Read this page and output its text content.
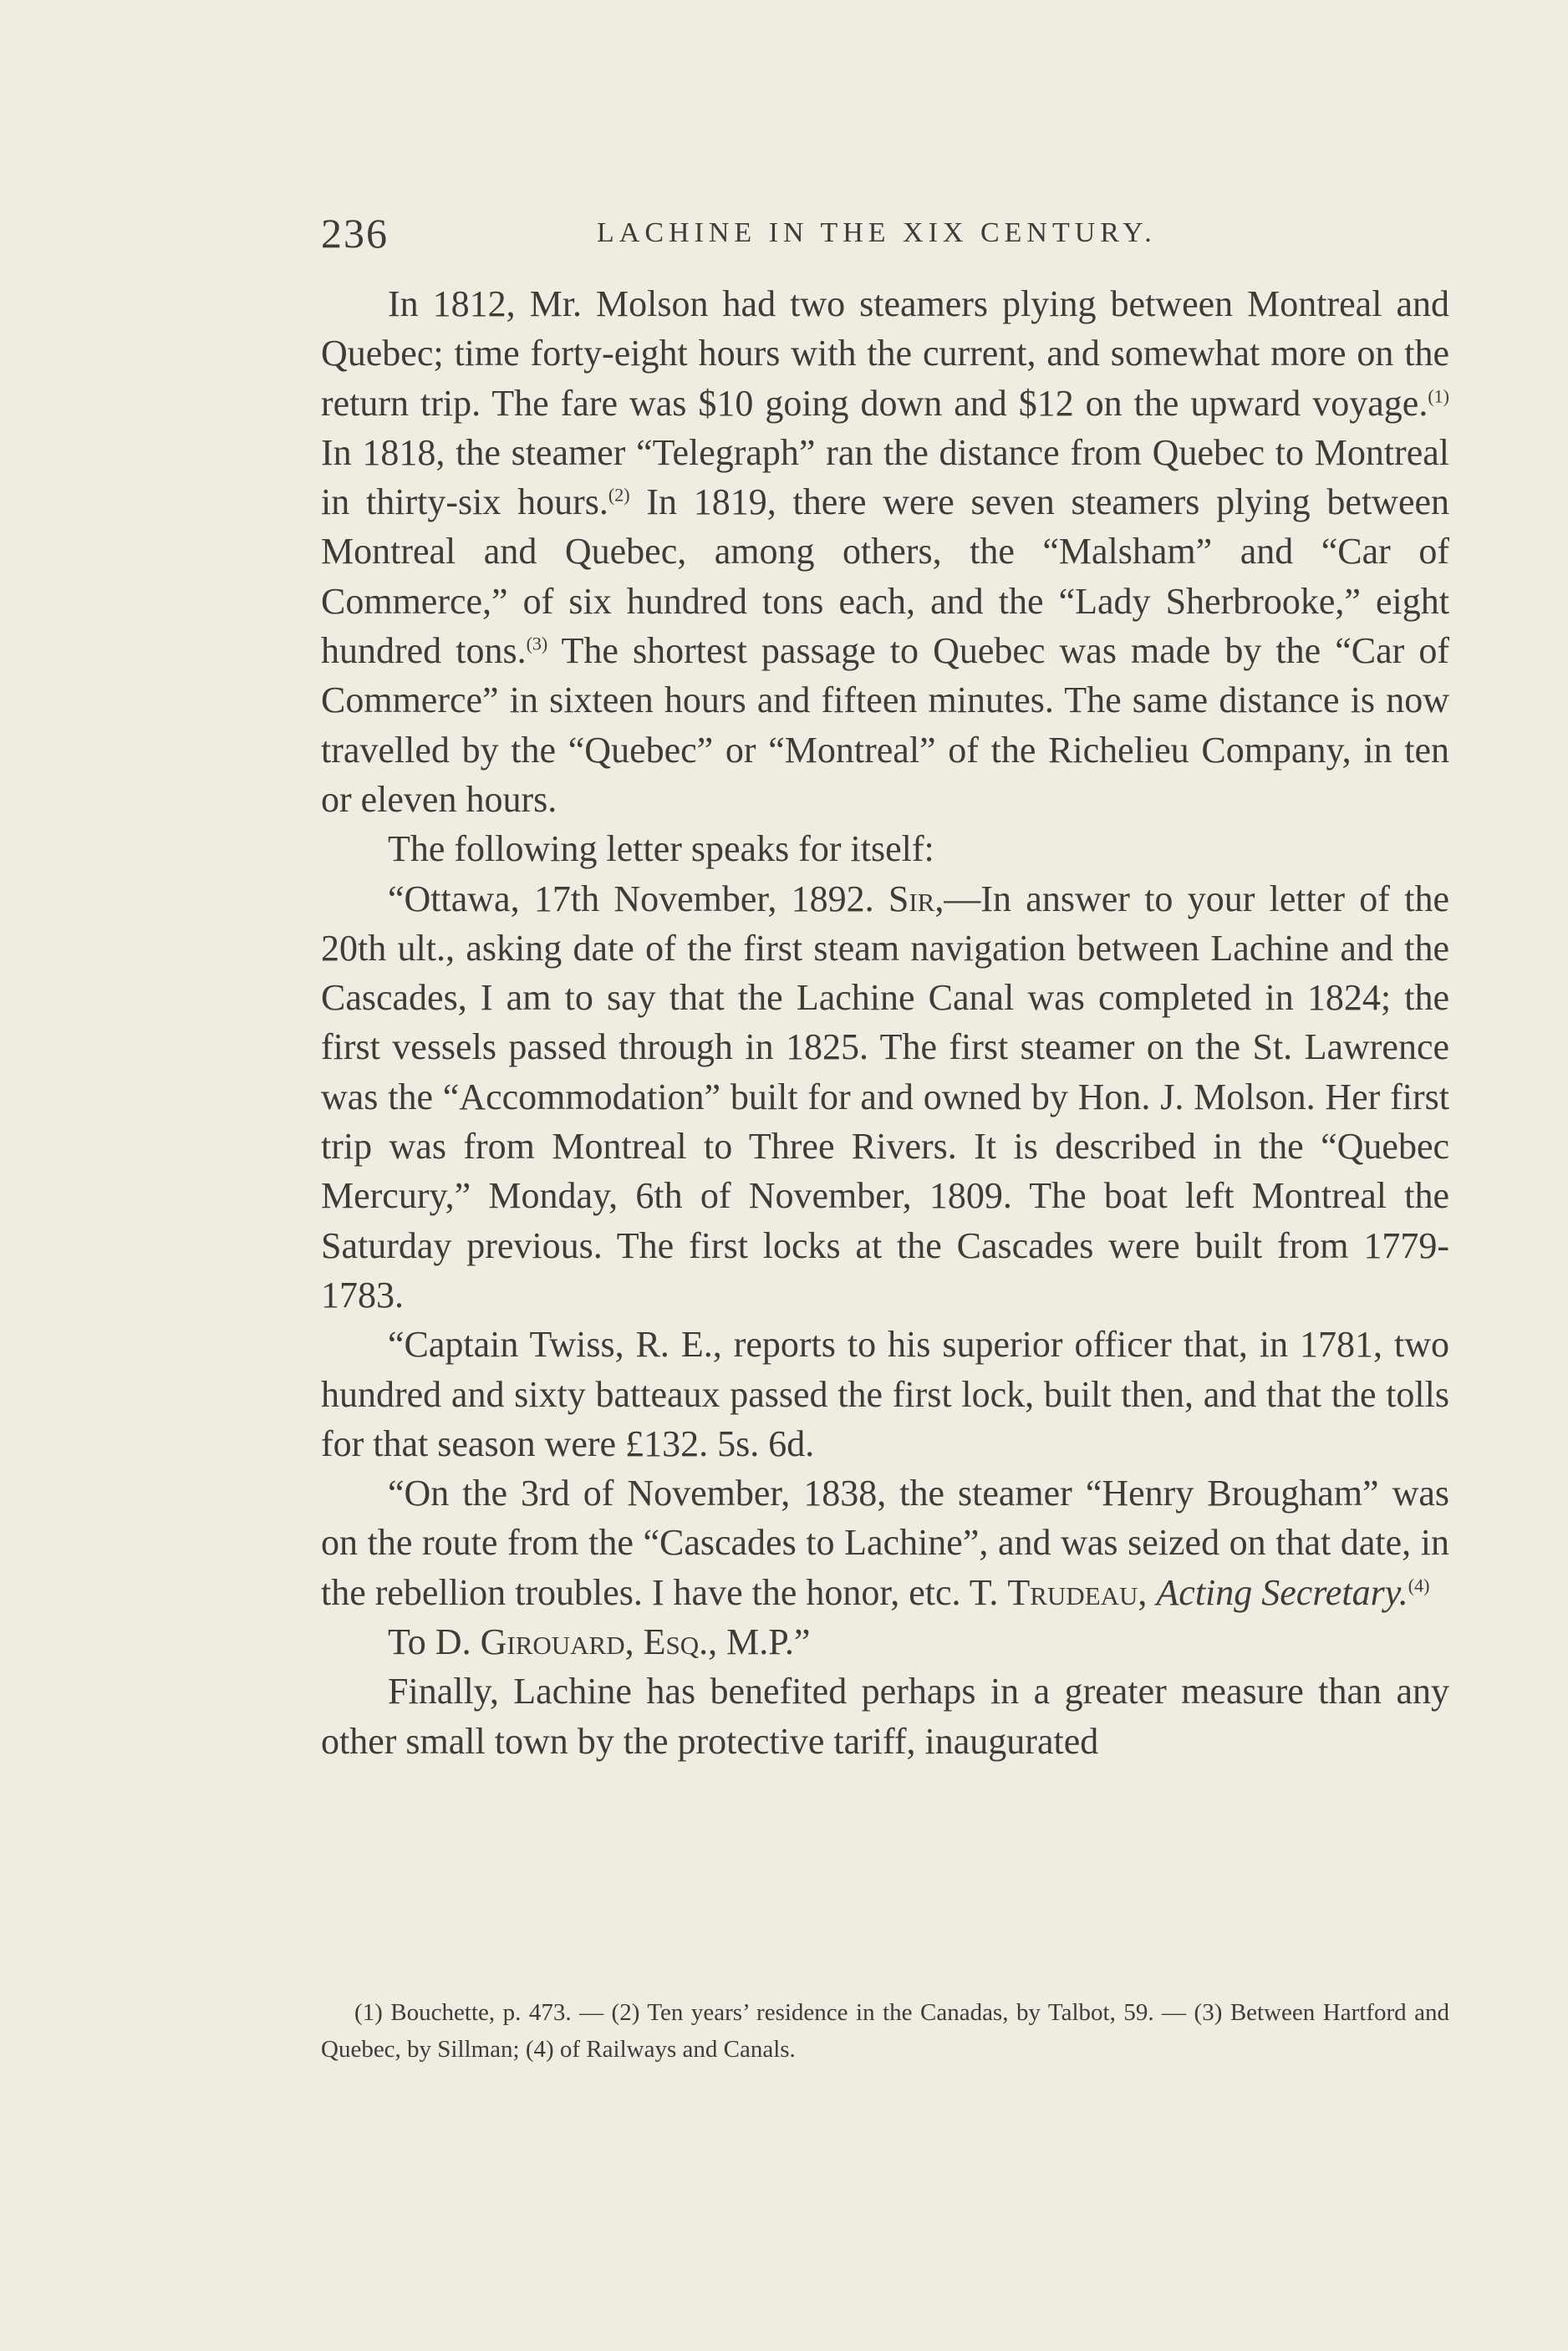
236	LACHINE IN THE XIX CENTURY.

In 1812, Mr. Molson had two steamers plying between Montreal and Quebec; time forty-eight hours with the current, and somewhat more on the return trip. The fare was $10 going down and $12 on the upward voyage.$^{(1)}$ In 1818, the steamer “Telegraph” ran the distance from Quebec to Montreal in thirty-six hours.$^{(2)}$ In 1819, there were seven steamers plying between Montreal and Quebec, among others, the “Malsham” and “Car of Commerce,” of six hundred tons each, and the “Lady Sherbrooke,” eight hundred tons.$^{(3)}$ The shortest passage to Quebec was made by the “Car of Commerce” in sixteen hours and fifteen minutes. The same distance is now travelled by the “Quebec” or “Montreal” of the Richelieu Company, in ten or eleven hours.

The following letter speaks for itself:

“Ottawa, 17th November, 1892. Sir,—In answer to your letter of the 20th ult., asking date of the first steam navigation between Lachine and the Cascades, I am to say that the Lachine Canal was completed in 1824; the first vessels passed through in 1825. The first steamer on the St. Lawrence was the “Accommodation” built for and owned by Hon. J. Molson. Her first trip was from Montreal to Three Rivers. It is described in the “Quebec Mercury,” Monday, 6th of November, 1809. The boat left Montreal the Saturday previous. The first locks at the Cascades were built from 1779-1783.

“Captain Twiss, R. E., reports to his superior officer that, in 1781, two hundred and sixty batteaux passed the first lock, built then, and that the tolls for that season were £132. 5s. 6d.

“On the 3rd of November, 1838, the steamer “Henry Brougham” was on the route from the “Cascades to Lachine”, and was seized on that date, in the rebellion troubles. I have the honor, etc. T. Trudeau, Acting Secretary.$^{(4)}$

To D. Girouard, Esq., M.P.”

Finally, Lachine has benefited perhaps in a greater measure than any other small town by the protective tariff, inaugurated

(1) Bouchette, p. 473. — (2) Ten years’ residence in the Canadas, by Talbot, 59. — (3) Between Hartford and Quebec, by Sillman; (4) of Railways and Canals.
